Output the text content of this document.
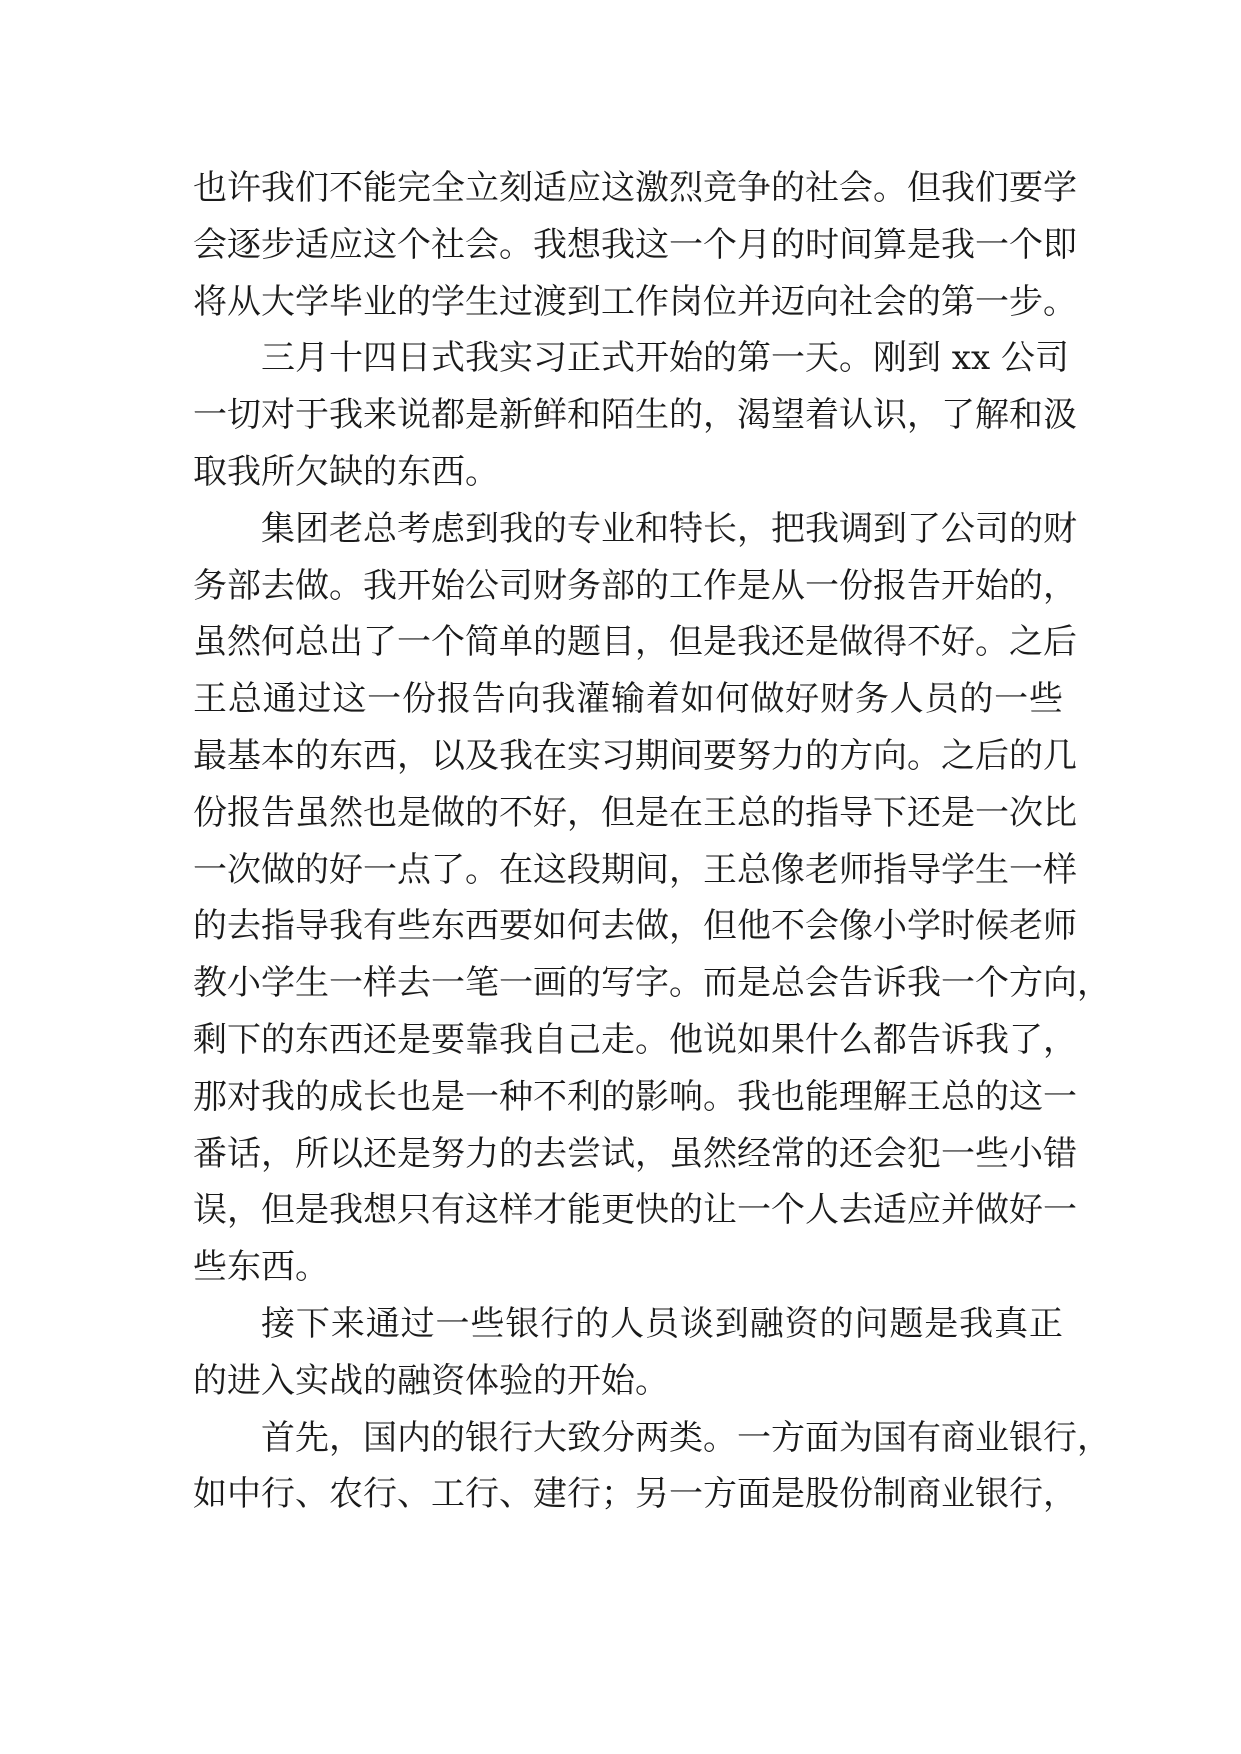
也许我们不能完全立刻适应这激烈竞争的社会。但我们要学
会逐步适应这个社会。我想我这一个月的时间算是我一个即
将从大学毕业的学生过渡到工作岗位并迈向社会的第一步。
三月十四日式我实习正式开始的第一天。刚到 xx 公司
一切对于我来说都是新鲜和陌生的，渴望着认识，了解和汲
取我所欠缺的东西。
集团老总考虑到我的专业和特长，把我调到了公司的财
务部去做。我开始公司财务部的工作是从一份报告开始的，
虽然何总出了一个简单的题目，但是我还是做得不好。之后
王总通过这一份报告向我灌输着如何做好财务人员的一些
最基本的东西，以及我在实习期间要努力的方向。之后的几
份报告虽然也是做的不好，但是在王总的指导下还是一次比
一次做的好一点了。在这段期间，王总像老师指导学生一样
的去指导我有些东西要如何去做，但他不会像小学时候老师
教小学生一样去一笔一画的写字。而是总会告诉我一个方向，
剩下的东西还是要靠我自己走。他说如果什么都告诉我了，
那对我的成长也是一种不利的影响。我也能理解王总的这一
番话，所以还是努力的去尝试，虽然经常的还会犯一些小错
误，但是我想只有这样才能更快的让一个人去适应并做好一
些东西。
接下来通过一些银行的人员谈到融资的问题是我真正
的进入实战的融资体验的开始。
首先，国内的银行大致分两类。一方面为国有商业银行，
如中行、农行、工行、建行；另一方面是股份制商业银行，
